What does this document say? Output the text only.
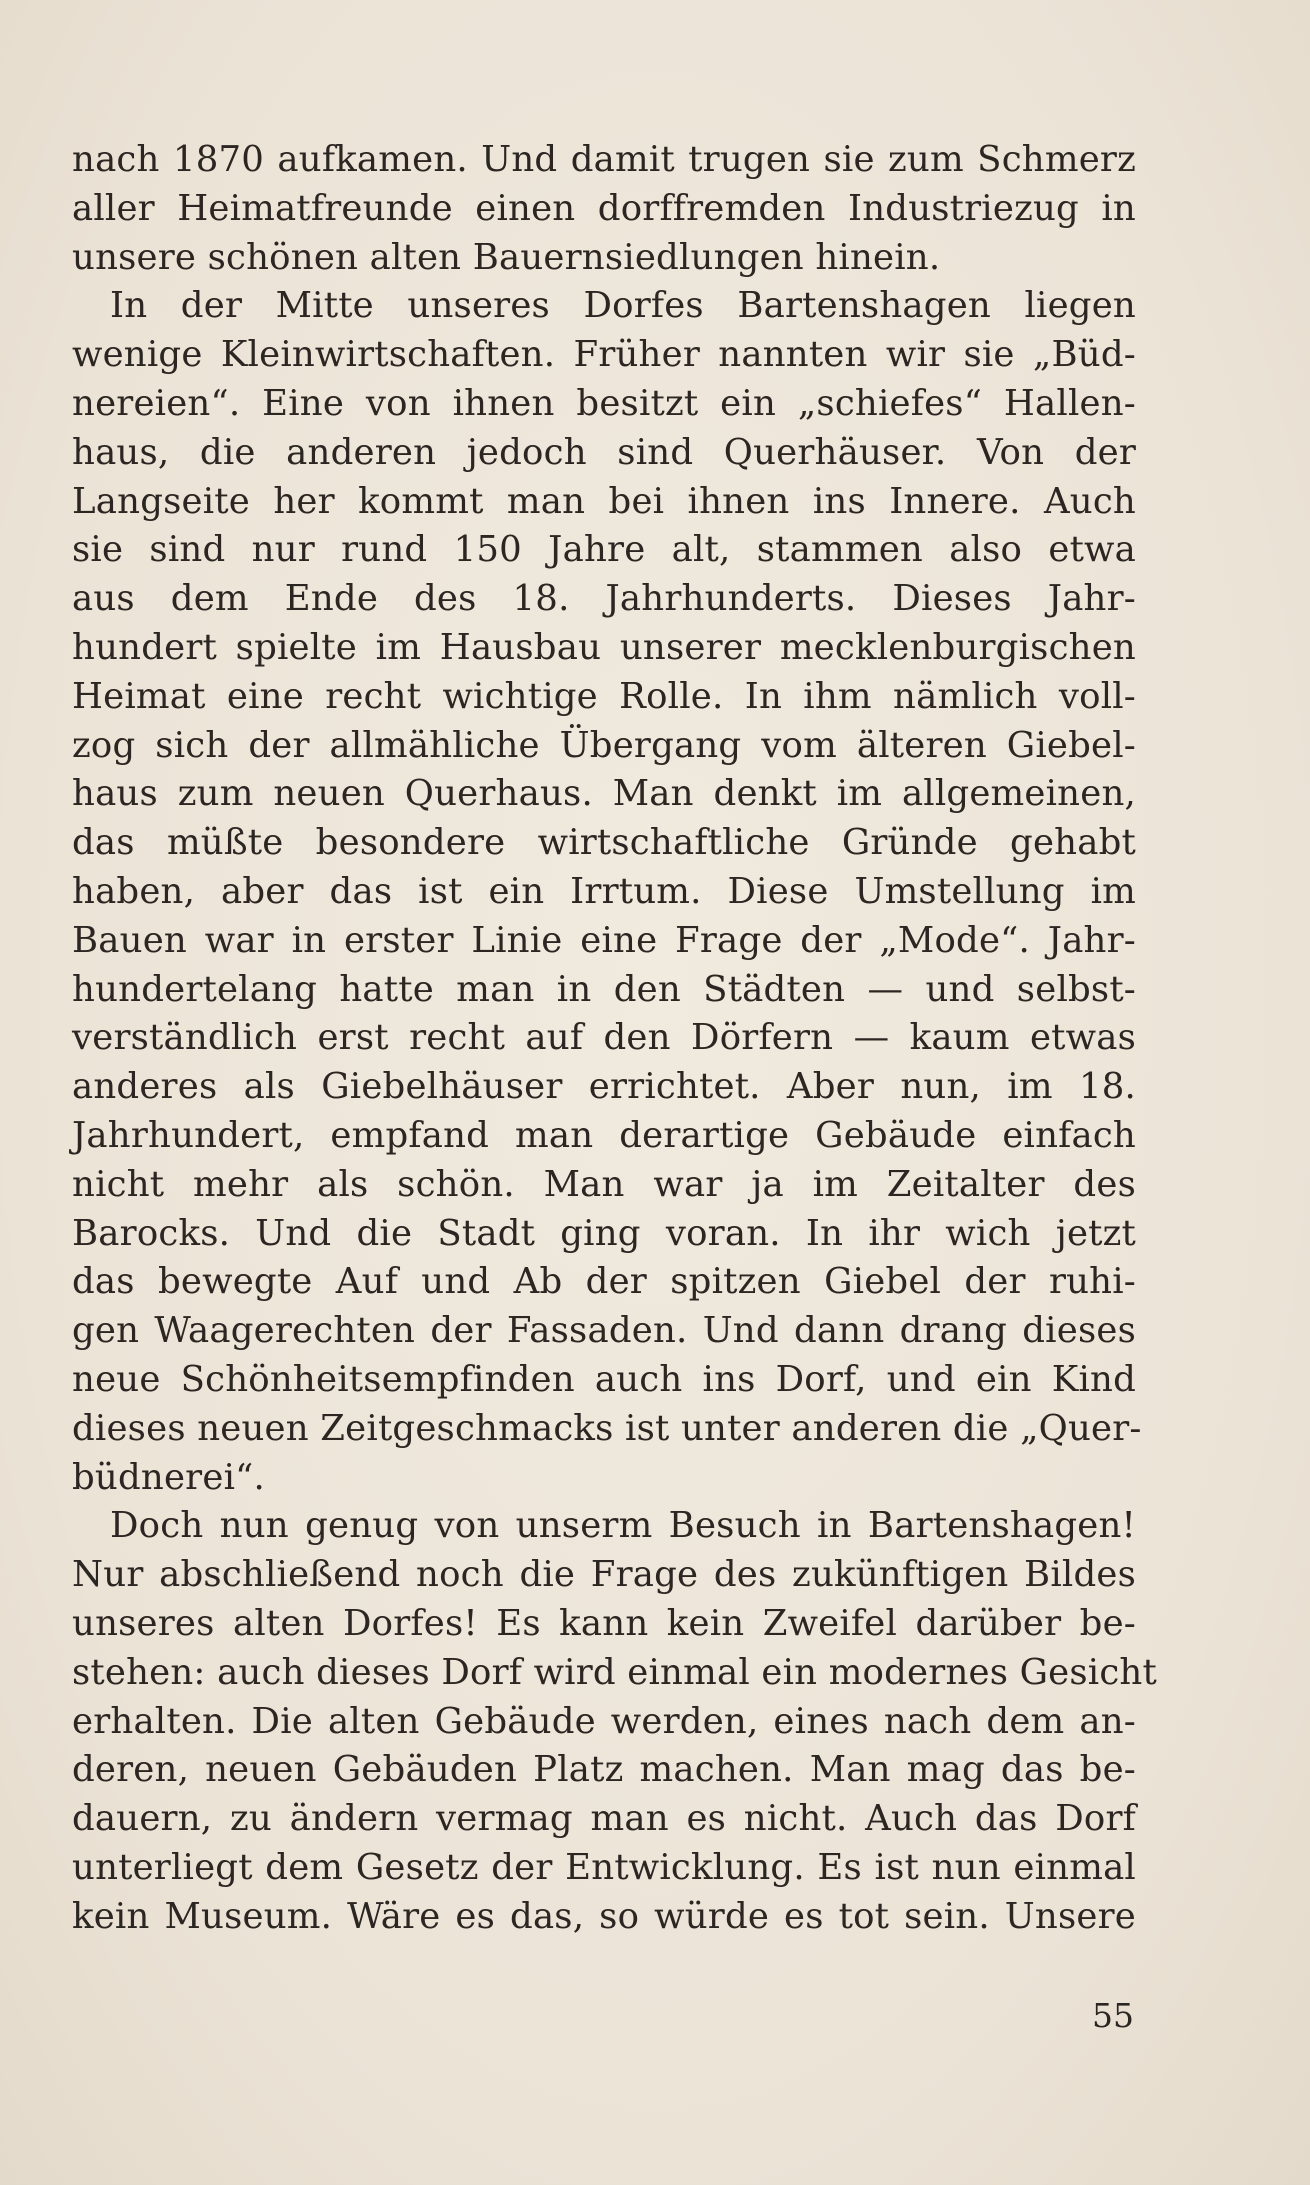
nach 1870 aufkamen. Und damit trugen sie zum Schmerz
aller Heimatfreunde einen dorffremden Industriezug in
unsere schönen alten Bauernsiedlungen hinein.
In der Mitte unseres Dorfes Bartenshagen liegen
wenige Kleinwirtschaften. Früher nannten wir sie „Büd-
nereien“. Eine von ihnen besitzt ein „schiefes“ Hallen-
haus, die anderen jedoch sind Querhäuser. Von der
Langseite her kommt man bei ihnen ins Innere. Auch
sie sind nur rund 150 Jahre alt, stammen also etwa
aus dem Ende des 18. Jahrhunderts. Dieses Jahr-
hundert spielte im Hausbau unserer mecklenburgischen
Heimat eine recht wichtige Rolle. In ihm nämlich voll-
zog sich der allmähliche Übergang vom älteren Giebel-
haus zum neuen Querhaus. Man denkt im allgemeinen,
das müßte besondere wirtschaftliche Gründe gehabt
haben, aber das ist ein Irrtum. Diese Umstellung im
Bauen war in erster Linie eine Frage der „Mode“. Jahr-
hundertelang hatte man in den Städten — und selbst-
verständlich erst recht auf den Dörfern — kaum etwas
anderes als Giebelhäuser errichtet. Aber nun, im 18.
Jahrhundert, empfand man derartige Gebäude einfach
nicht mehr als schön. Man war ja im Zeitalter des
Barocks. Und die Stadt ging voran. In ihr wich jetzt
das bewegte Auf und Ab der spitzen Giebel der ruhi-
gen Waagerechten der Fassaden. Und dann drang dieses
neue Schönheitsempfinden auch ins Dorf, und ein Kind
dieses neuen Zeitgeschmacks ist unter anderen die „Quer-
büdnerei“.
Doch nun genug von unserm Besuch in Bartenshagen!
Nur abschließend noch die Frage des zukünftigen Bildes
unseres alten Dorfes! Es kann kein Zweifel darüber be-
stehen: auch dieses Dorf wird einmal ein modernes Gesicht
erhalten. Die alten Gebäude werden, eines nach dem an-
deren, neuen Gebäuden Platz machen. Man mag das be-
dauern, zu ändern vermag man es nicht. Auch das Dorf
unterliegt dem Gesetz der Entwicklung. Es ist nun einmal
kein Museum. Wäre es das, so würde es tot sein. Unsere
55
